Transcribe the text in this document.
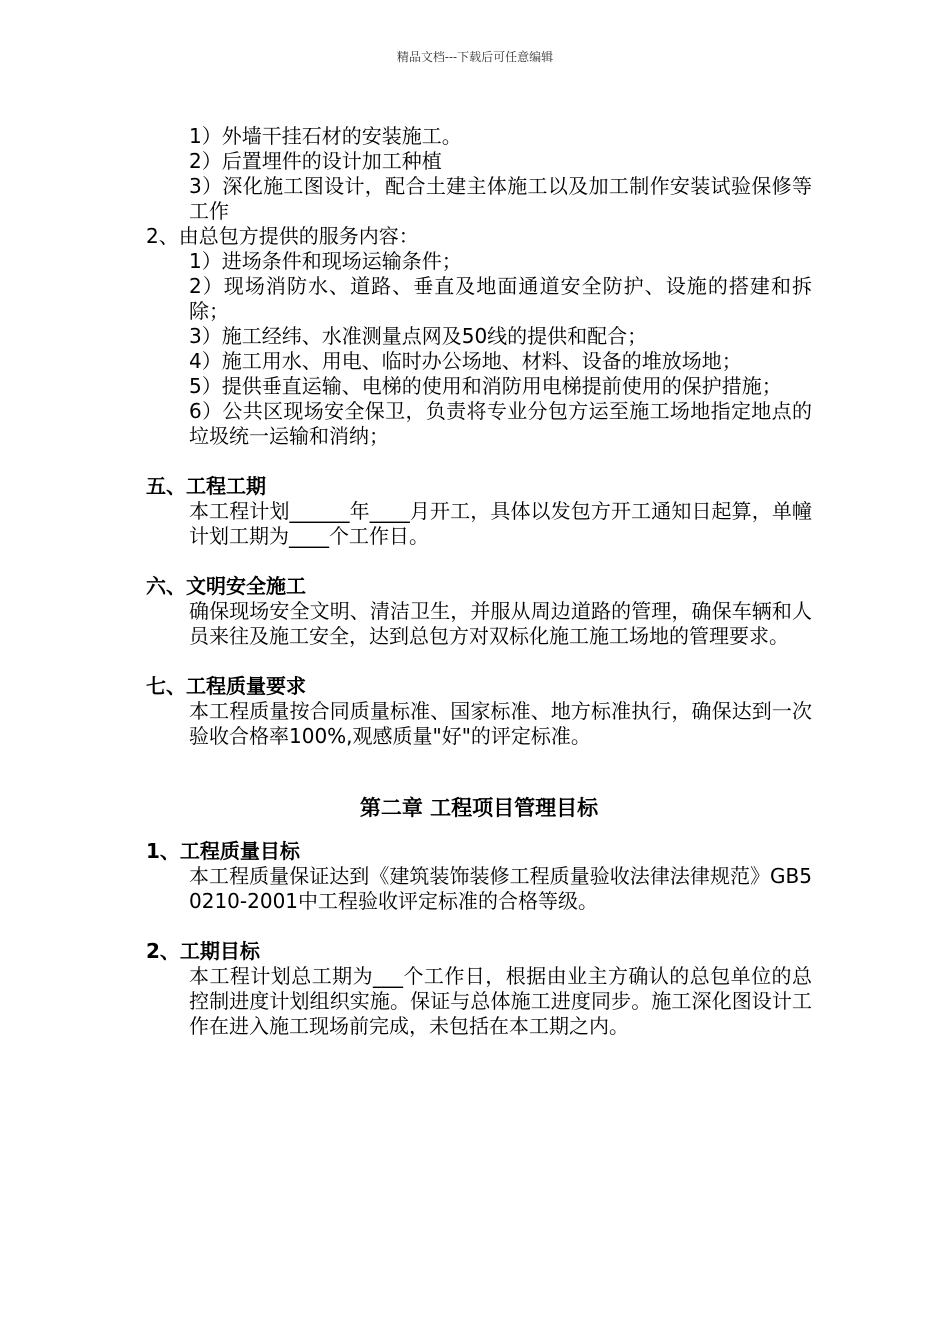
精品文档---下载后可任意编辑

1）外墙干挂石材的安装施工。

2）后置埋件的设计加工种植

3）深化施工图设计，配合土建主体施工以及加工制作安装试验保修等工作

2、由总包方提供的服务内容：

1）进场条件和现场运输条件；

2）现场消防水、道路、垂直及地面通道安全防护、设施的搭建和拆除；

3）施工经纬、水准测量点网及50线的提供和配合；

4）施工用水、用电、临时办公场地、材料、设备的堆放场地；

5）提供垂直运输、电梯的使用和消防用电梯提前使用的保护措施；

6）公共区现场安全保卫，负责将专业分包方运至施工场地指定地点的垃圾统一运输和消纳；

五、工程工期

本工程计划______年____月开工，具体以发包方开工通知日起算，单幢计划工期为____个工作日。

六、文明安全施工

确保现场安全文明、清洁卫生，并服从周边道路的管理，确保车辆和人员来往及施工安全，达到总包方对双标化施工施工场地的管理要求。

七、工程质量要求

本工程质量按合同质量标准、国家标准、地方标准执行，确保达到一次验收合格率100%,观感质量"好"的评定标准。

第二章 工程项目管理目标

1、工程质量目标

本工程质量保证达到《建筑装饰装修工程质量验收法律法律规范》GB50210-2001中工程验收评定标准的合格等级。

2、工期目标

本工程计划总工期为___个工作日，根据由业主方确认的总包单位的总控制进度计划组织实施。保证与总体施工进度同步。施工深化图设计工作在进入施工现场前完成，未包括在本工期之内。
